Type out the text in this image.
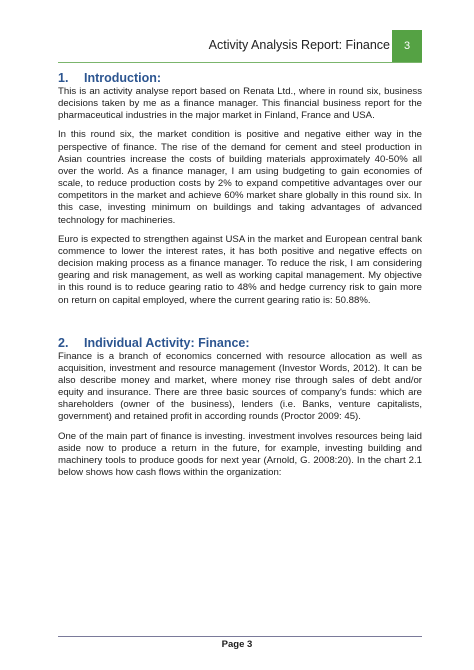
Activity Analysis Report: Finance 3
1. Introduction:

This is an activity analyse report based on Renata Ltd., where in round six, business decisions taken by me as a finance manager. This financial business report for the pharmaceutical industries in the major market in Finland, France and USA.

In this round six, the market condition is positive and negative either way in the perspective of finance. The rise of the demand for cement and steel production in Asian countries increase the costs of building materials approximately 40-50% all over the world. As a finance manager, I am using budgeting to gain economies of scale, to reduce production costs by 2% to expand competitive advantages over our competitors in the market and achieve 60% market share globally in this round six. In this case, investing minimum on buildings and taking advantages of advanced technology for machineries.

Euro is expected to strengthen against USA in the market and European central bank commence to lower the interest rates, it has both positive and negative effects on decision making process as a finance manager. To reduce the risk, I am considering gearing and risk management, as well as working capital management. My objective in this round is to reduce gearing ratio to 48% and hedge currency risk to gain more on return on capital employed, where the current gearing ratio is: 50.88%.

2. Individual Activity: Finance:

Finance is a branch of economics concerned with resource allocation as well as acquisition, investment and resource management (Investor Words, 2012). It can be also describe money and market, where money rise through sales of debt and/or equity and insurance. There are three basic sources of company's funds: which are shareholders (owner of the business), lenders (i.e. Banks, venture capitalists, government) and retained profit in according rounds (Proctor 2009: 45).

One of the main part of finance is investing. investment involves resources being laid aside now to produce a return in the future, for example, investing building and machinery tools to produce goods for next year (Arnold, G. 2008:20). In the chart 2.1 below shows how cash flows within the organization:

Page 3
